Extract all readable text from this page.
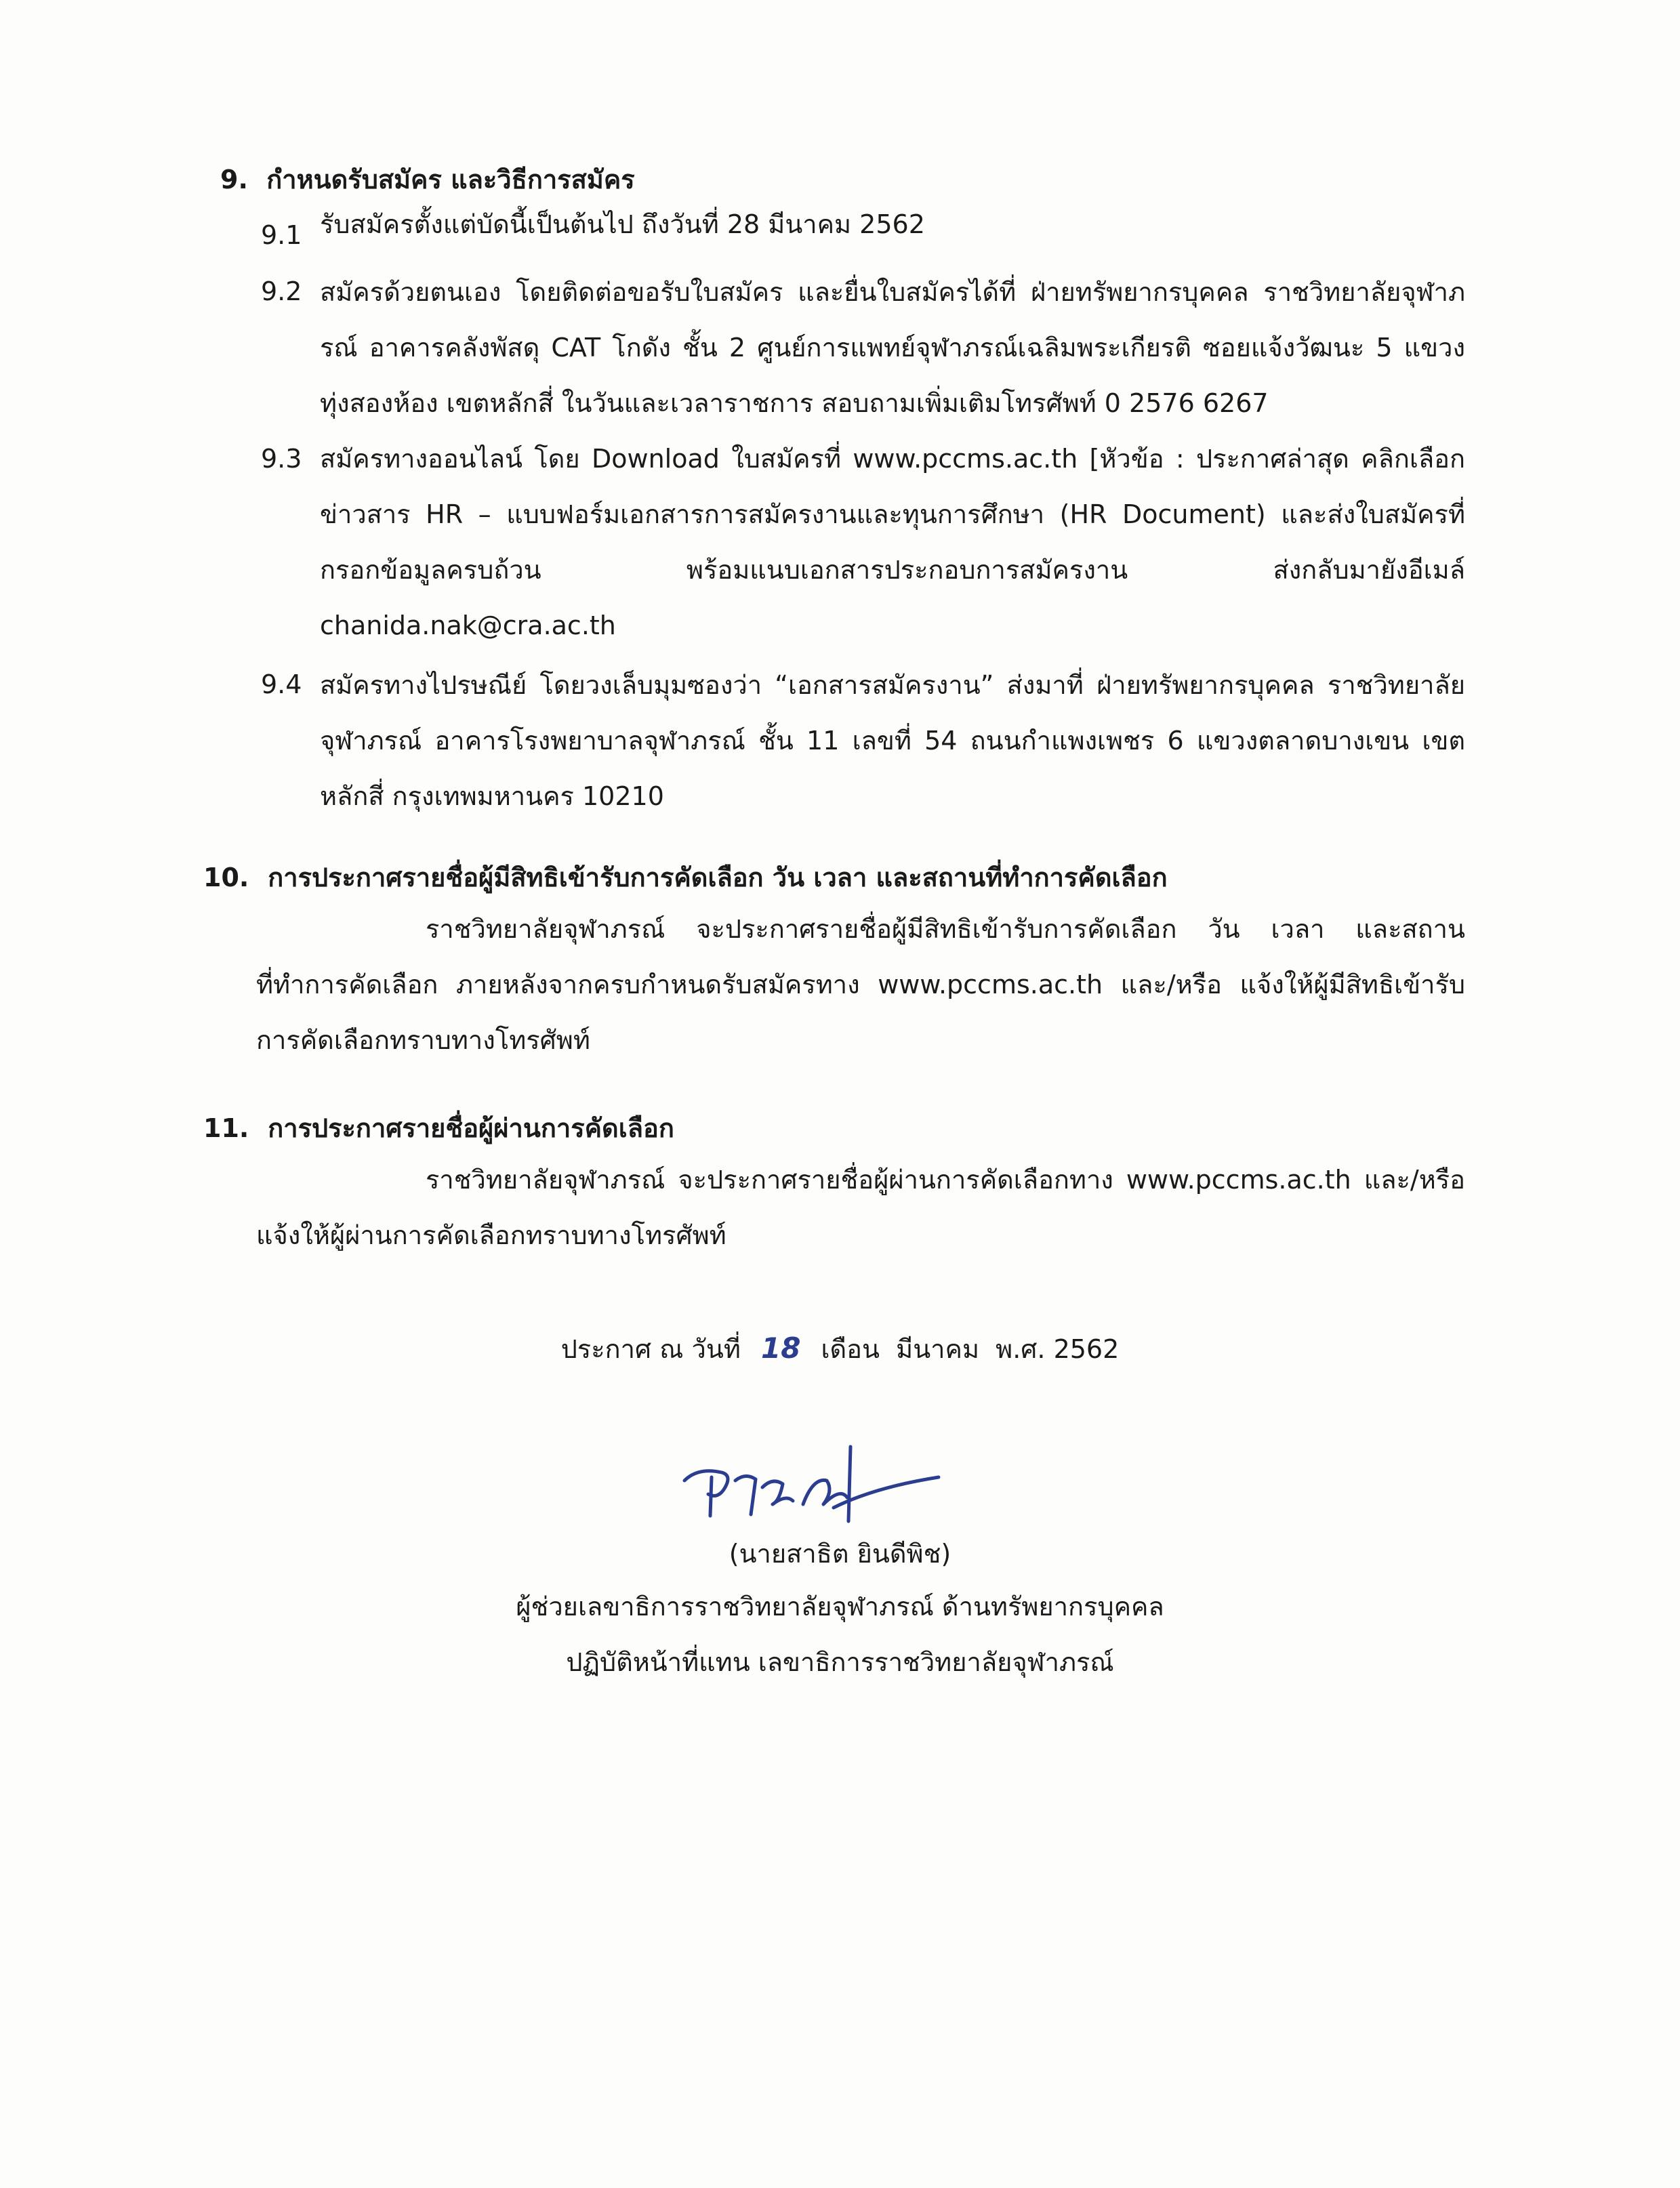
9. กำหนดรับสมัคร และวิธีการสมัคร
9.1 รับสมัครตั้งแต่บัดนี้เป็นต้นไป ถึงวันที่ 28 มีนาคม 2562
9.2 สมัครด้วยตนเอง โดยติดต่อขอรับใบสมัคร และยื่นใบสมัครได้ที่ ฝ่ายทรัพยากรบุคคล ราชวิทยาลัยจุฬาภรณ์ อาคารคลังพัสดุ CAT โกดัง ชั้น 2 ศูนย์การแพทย์จุฬาภรณ์เฉลิมพระเกียรติ ซอยแจ้งวัฒนะ 5 แขวงทุ่งสองห้อง เขตหลักสี่ ในวันและเวลาราชการ สอบถามเพิ่มเติมโทรศัพท์ 0 2576 6267
9.3 สมัครทางออนไลน์ โดย Download ใบสมัครที่ www.pccms.ac.th [หัวข้อ : ประกาศล่าสุด คลิกเลือกข่าวสาร HR – แบบฟอร์มเอกสารการสมัครงานและทุนการศึกษา (HR Document) และส่งใบสมัครที่กรอกข้อมูลครบถ้วน พร้อมแนบเอกสารประกอบการสมัครงาน ส่งกลับมายังอีเมล์ chanida.nak@cra.ac.th
9.4 สมัครทางไปรษณีย์ โดยวงเล็บมุมซองว่า “เอกสารสมัครงาน” ส่งมาที่ ฝ่ายทรัพยากรบุคคล ราชวิทยาลัยจุฬาภรณ์ อาคารโรงพยาบาลจุฬาภรณ์ ชั้น 11 เลขที่ 54 ถนนกำแพงเพชร 6 แขวงตลาดบางเขน เขตหลักสี่ กรุงเทพมหานคร 10210
10. การประกาศรายชื่อผู้มีสิทธิเข้ารับการคัดเลือก วัน เวลา และสถานที่ทำการคัดเลือก
ราชวิทยาลัยจุฬาภรณ์ จะประกาศรายชื่อผู้มีสิทธิเข้ารับการคัดเลือก วัน เวลา และสถานที่ทำการคัดเลือก ภายหลังจากครบกำหนดรับสมัครทาง www.pccms.ac.th และ/หรือ แจ้งให้ผู้มีสิทธิเข้ารับการคัดเลือกทราบทางโทรศัพท์
11. การประกาศรายชื่อผู้ผ่านการคัดเลือก
ราชวิทยาลัยจุฬาภรณ์ จะประกาศรายชื่อผู้ผ่านการคัดเลือกทาง www.pccms.ac.th และ/หรือ แจ้งให้ผู้ผ่านการคัดเลือกทราบทางโทรศัพท์
ประกาศ ณ วันที่ 18 เดือน มีนาคม พ.ศ. 2562
(นายสาธิต ยินดีพิช)
ผู้ช่วยเลขาธิการราชวิทยาลัยจุฬาภรณ์ ด้านทรัพยากรบุคคล
ปฏิบัติหน้าที่แทน เลขาธิการราชวิทยาลัยจุฬาภรณ์
